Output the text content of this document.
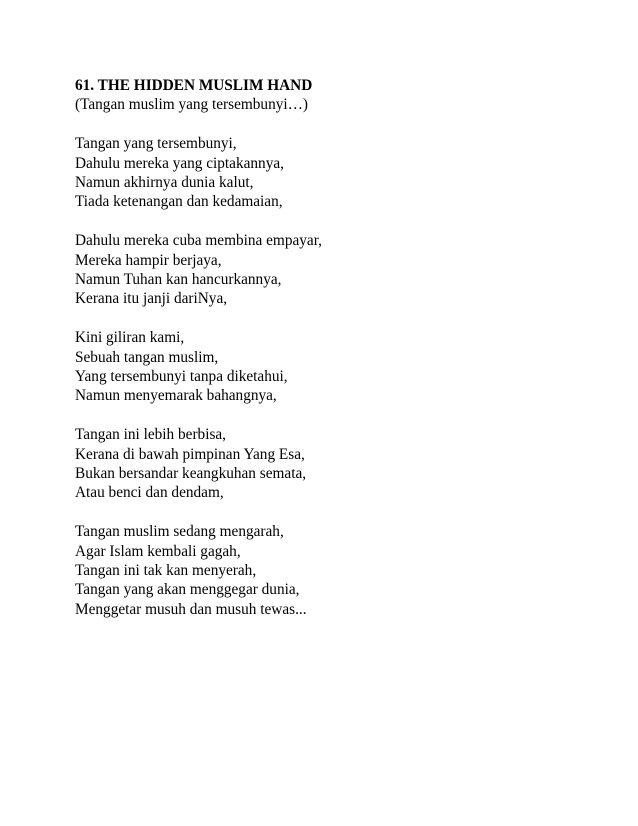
61. THE HIDDEN MUSLIM HAND

(Tangan muslim yang tersembunyi…)

Tangan yang tersembunyi,
Dahulu mereka yang ciptakannya,
Namun akhirnya dunia kalut,
Tiada ketenangan dan kedamaian,
Dahulu mereka cuba membina empayar,
Mereka hampir berjaya,
Namun Tuhan kan hancurkannya,
Kerana itu janji dariNya,
Kini giliran kami,
Sebuah tangan muslim,
Yang tersembunyi tanpa diketahui,
Namun menyemarak bahangnya,
Tangan ini lebih berbisa,
Kerana di bawah pimpinan Yang Esa,
Bukan bersandar keangkuhan semata,
Atau benci dan dendam,
Tangan muslim sedang mengarah,
Agar Islam kembali gagah,
Tangan ini tak kan menyerah,
Tangan yang akan menggegar dunia,
Menggetar musuh dan musuh tewas...
